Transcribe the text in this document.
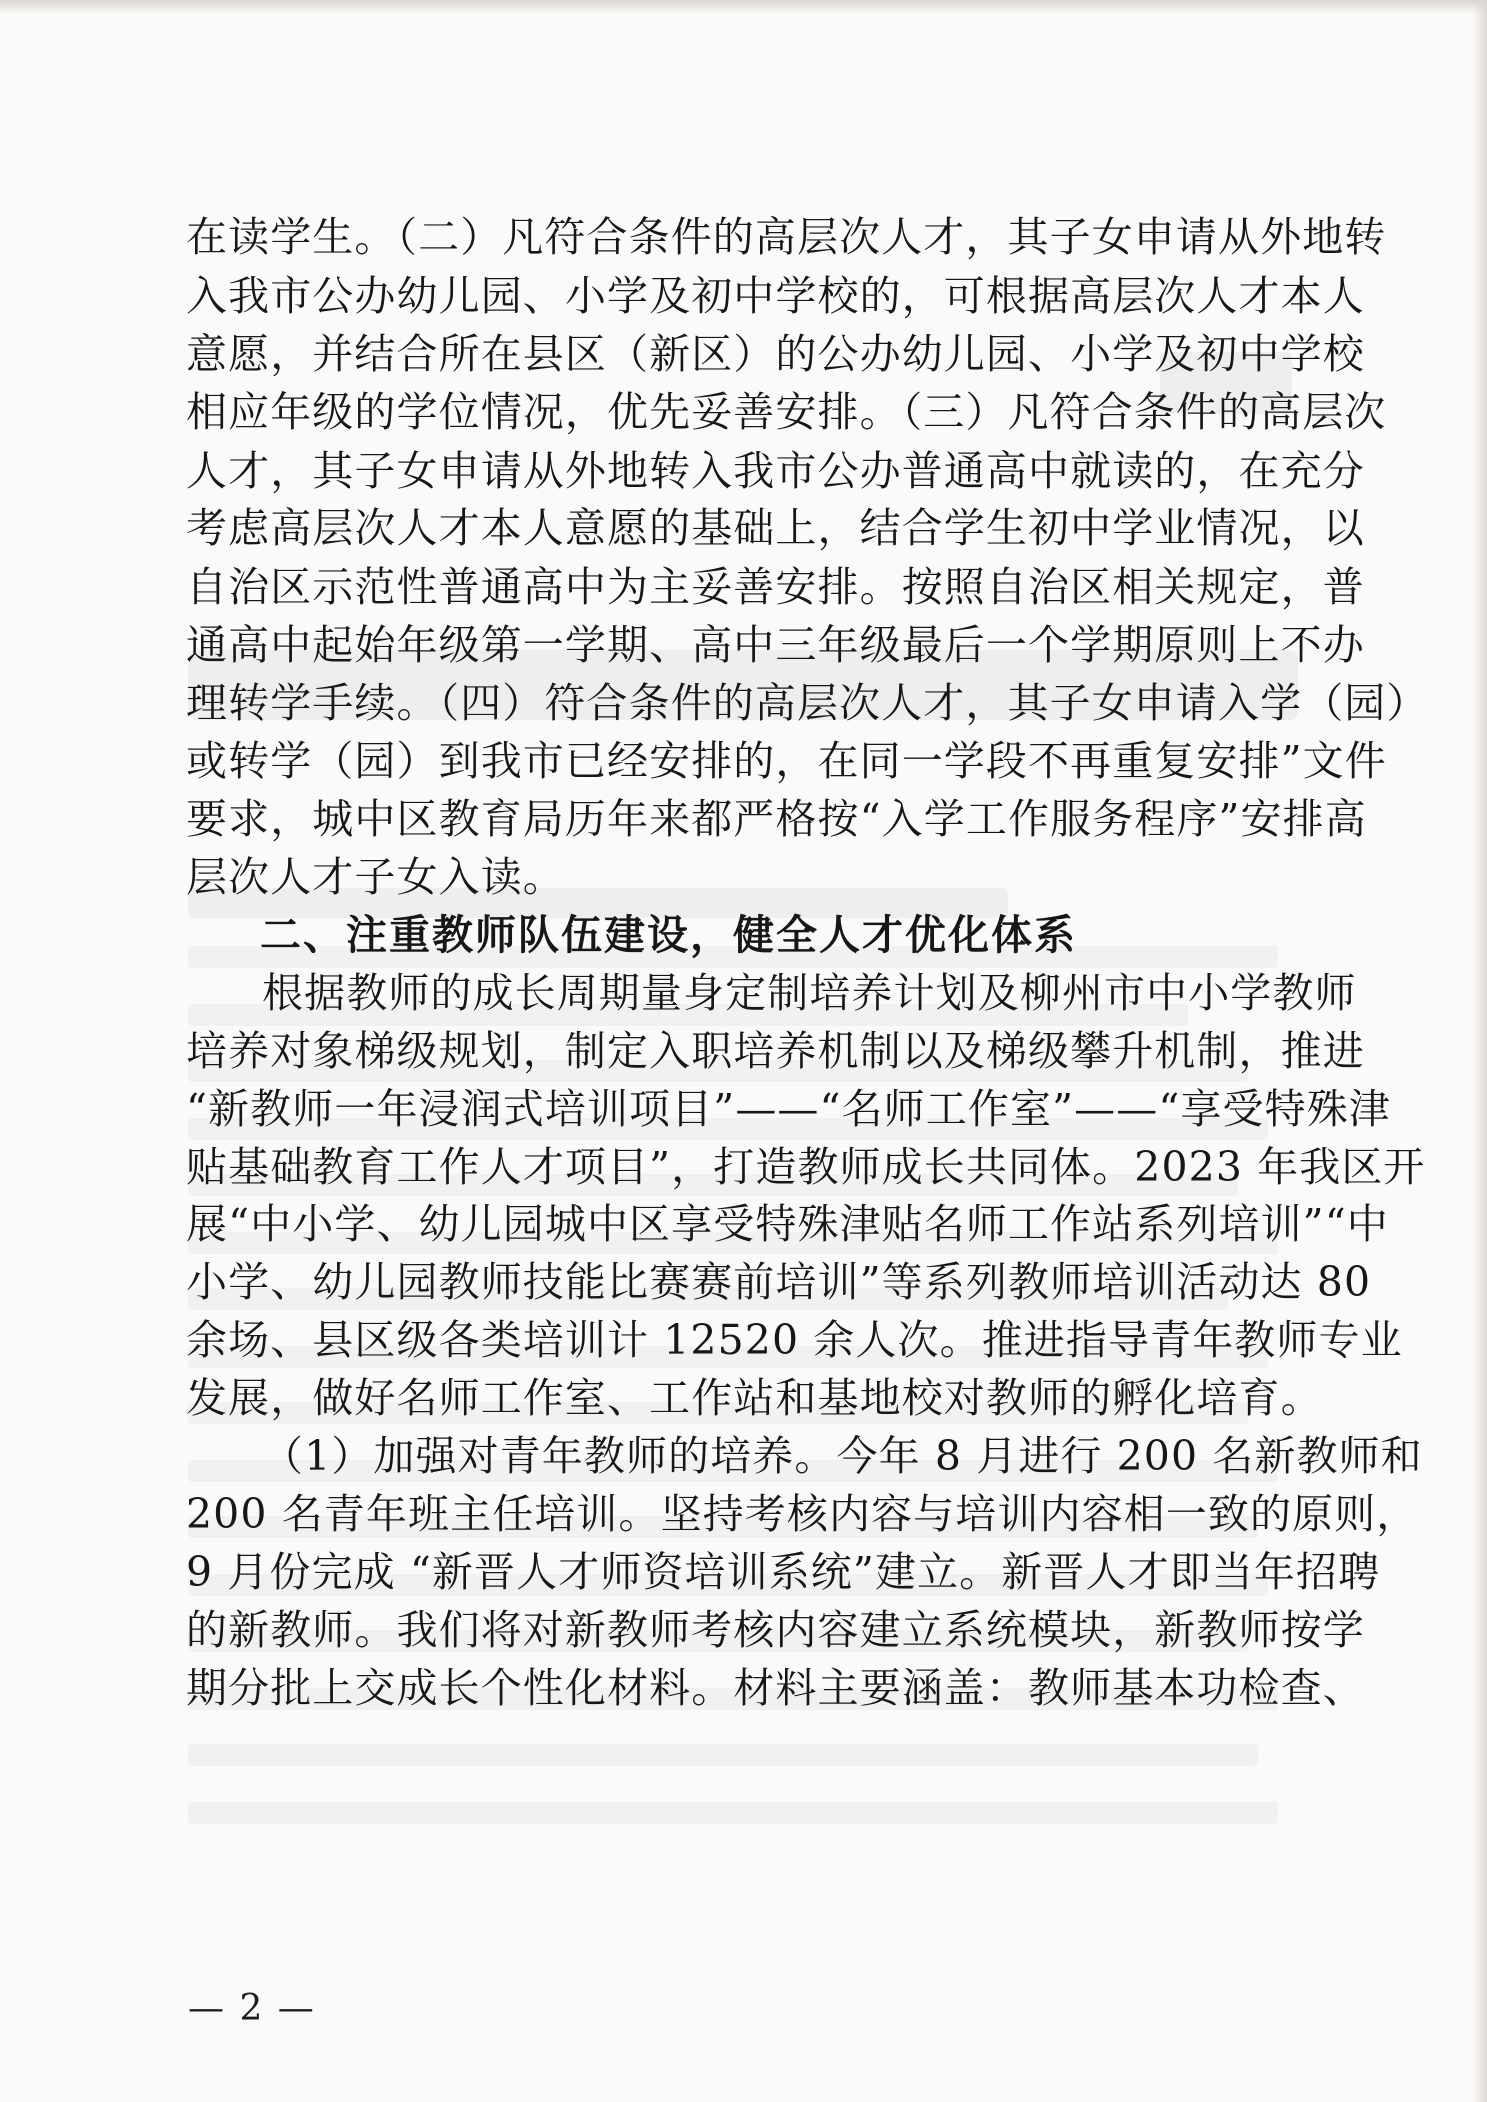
在读学生。（二）凡符合条件的高层次人才，其子女申请从外地转

入我市公办幼儿园、小学及初中学校的，可根据高层次人才本人

意愿，并结合所在县区（新区）的公办幼儿园、小学及初中学校

相应年级的学位情况，优先妥善安排。（三）凡符合条件的高层次

人才，其子女申请从外地转入我市公办普通高中就读的，在充分

考虑高层次人才本人意愿的基础上，结合学生初中学业情况，以

自治区示范性普通高中为主妥善安排。按照自治区相关规定，普

通高中起始年级第一学期、高中三年级最后一个学期原则上不办

理转学手续。（四）符合条件的高层次人才，其子女申请入学（园）

或转学（园）到我市已经安排的，在同一学段不再重复安排”文件

要求，城中区教育局历年来都严格按“入学工作服务程序”安排高

层次人才子女入读。

二、注重教师队伍建设，健全人才优化体系

根据教师的成长周期量身定制培养计划及柳州市中小学教师

培养对象梯级规划，制定入职培养机制以及梯级攀升机制，推进

“新教师一年浸润式培训项目”——“名师工作室”——“享受特殊津

贴基础教育工作人才项目”，打造教师成长共同体。2023 年我区开

展“中小学、幼儿园城中区享受特殊津贴名师工作站系列培训”“中

小学、幼儿园教师技能比赛赛前培训”等系列教师培训活动达 80

余场、县区级各类培训计 12520 余人次。推进指导青年教师专业

发展，做好名师工作室、工作站和基地校对教师的孵化培育。

（1）加强对青年教师的培养。今年 8 月进行 200 名新教师和

200 名青年班主任培训。坚持考核内容与培训内容相一致的原则，

9 月份完成 “新晋人才师资培训系统”建立。新晋人才即当年招聘

的新教师。我们将对新教师考核内容建立系统模块，新教师按学

期分批上交成长个性化材料。材料主要涵盖：教师基本功检查、

— 2 —
